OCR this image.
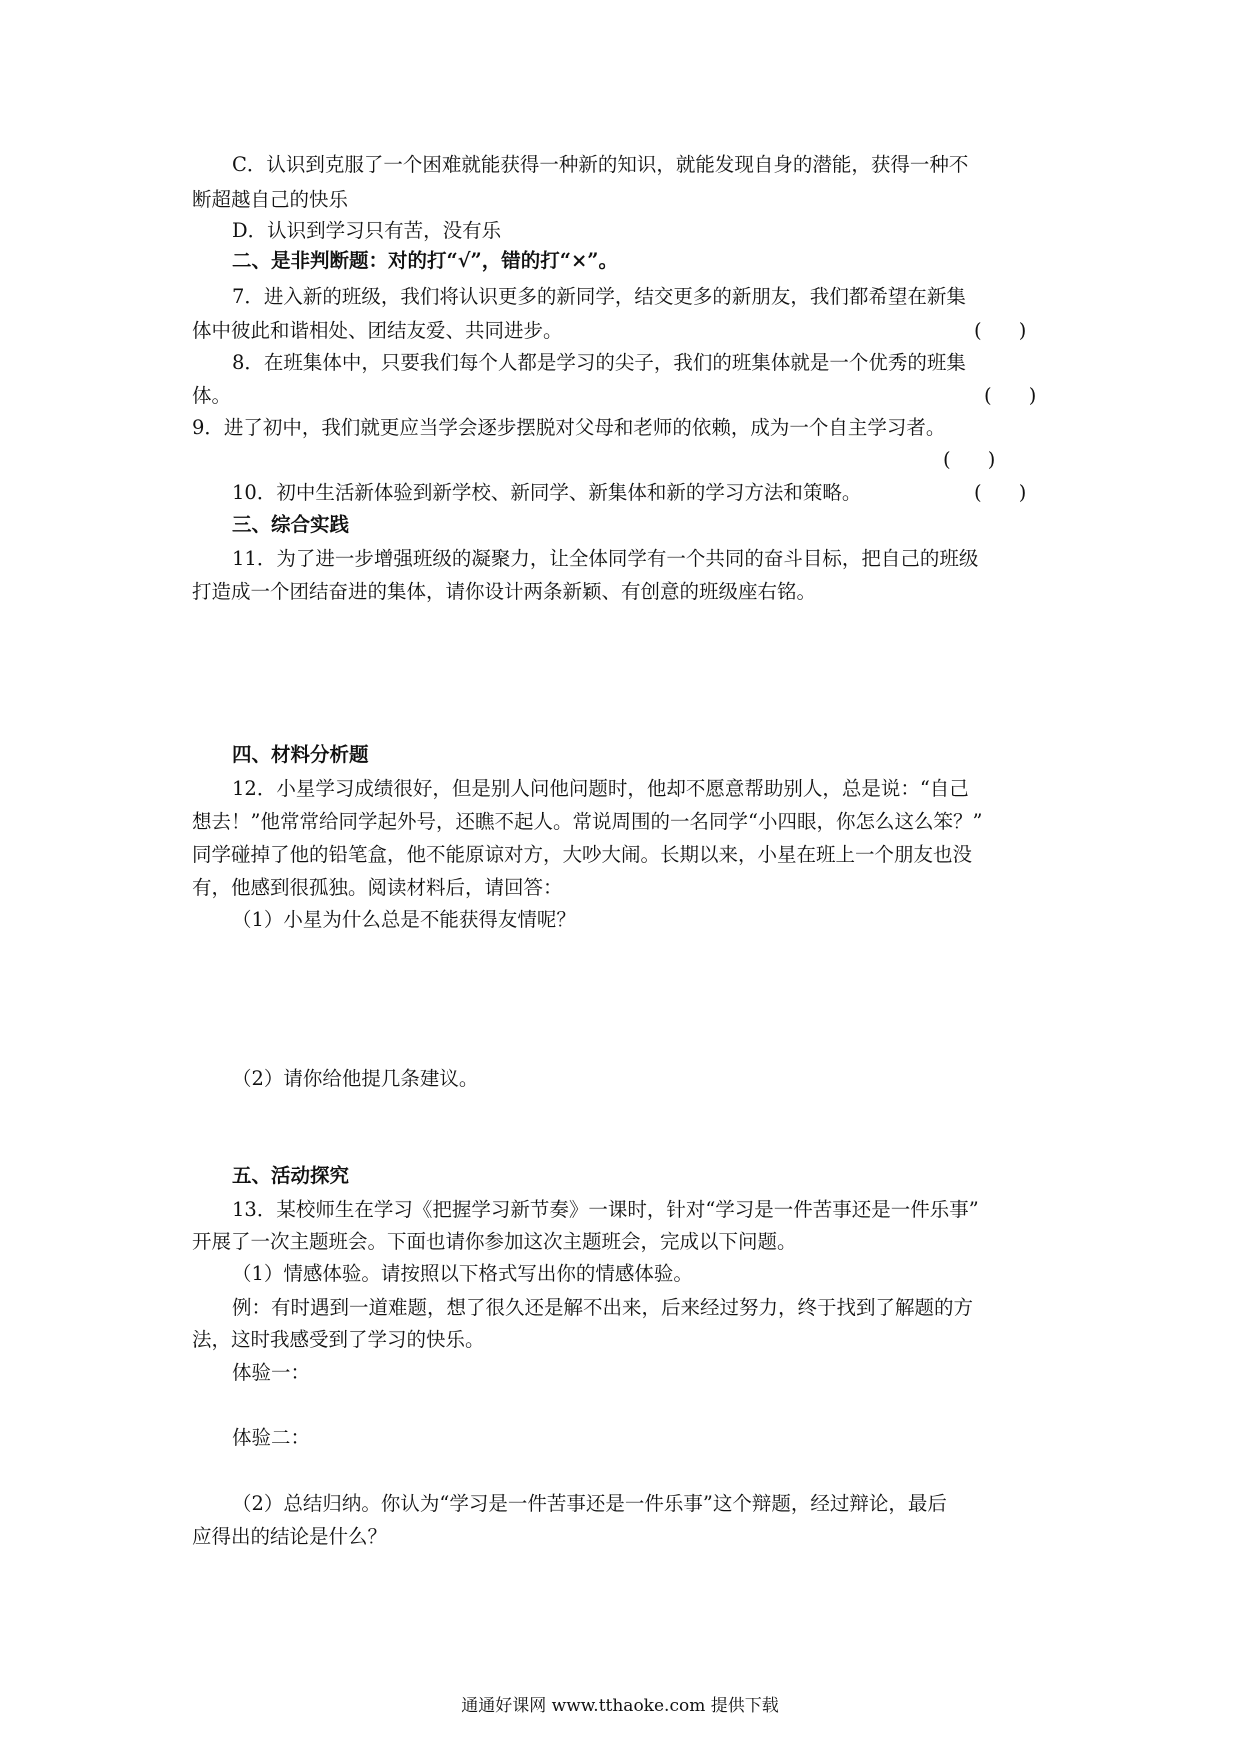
C．认识到克服了一个困难就能获得一种新的知识，就能发现自身的潜能，获得一种不
断超越自己的快乐
D．认识到学习只有苦，没有乐
二、是非判断题：对的打“√”，错的打“×”。
7．进入新的班级，我们将认识更多的新同学，结交更多的新朋友，我们都希望在新集
体中彼此和谐相处、团结友爱、共同进步。	(      )
8．在班集体中，只要我们每个人都是学习的尖子，我们的班集体就是一个优秀的班集
体。	(      )
9．进了初中，我们就更应当学会逐步摆脱对父母和老师的依赖，成为一个自主学习者。
(      )
10．初中生活新体验到新学校、新同学、新集体和新的学习方法和策略。	(      )
三、综合实践
11．为了进一步增强班级的凝聚力，让全体同学有一个共同的奋斗目标，把自己的班级
打造成一个团结奋进的集体，请你设计两条新颖、有创意的班级座右铭。
四、材料分析题
12．小星学习成绩很好，但是别人问他问题时，他却不愿意帮助别人，总是说：“自己
想去！”他常常给同学起外号，还瞧不起人。常说周围的一名同学“小四眼，你怎么这么笨？”
同学碰掉了他的铅笔盒，他不能原谅对方，大吵大闹。长期以来，小星在班上一个朋友也没
有，他感到很孤独。阅读材料后，请回答：
（1）小星为什么总是不能获得友情呢？
（2）请你给他提几条建议。
五、活动探究
13．某校师生在学习《把握学习新节奏》一课时，针对“学习是一件苦事还是一件乐事”
开展了一次主题班会。下面也请你参加这次主题班会，完成以下问题。
（1）情感体验。请按照以下格式写出你的情感体验。
例：有时遇到一道难题，想了很久还是解不出来，后来经过努力，终于找到了解题的方
法，这时我感受到了学习的快乐。
体验一：
体验二：
（2）总结归纳。你认为“学习是一件苦事还是一件乐事”这个辩题，经过辩论，最后
应得出的结论是什么？
通通好课网 www.tthaoke.com 提供下载
